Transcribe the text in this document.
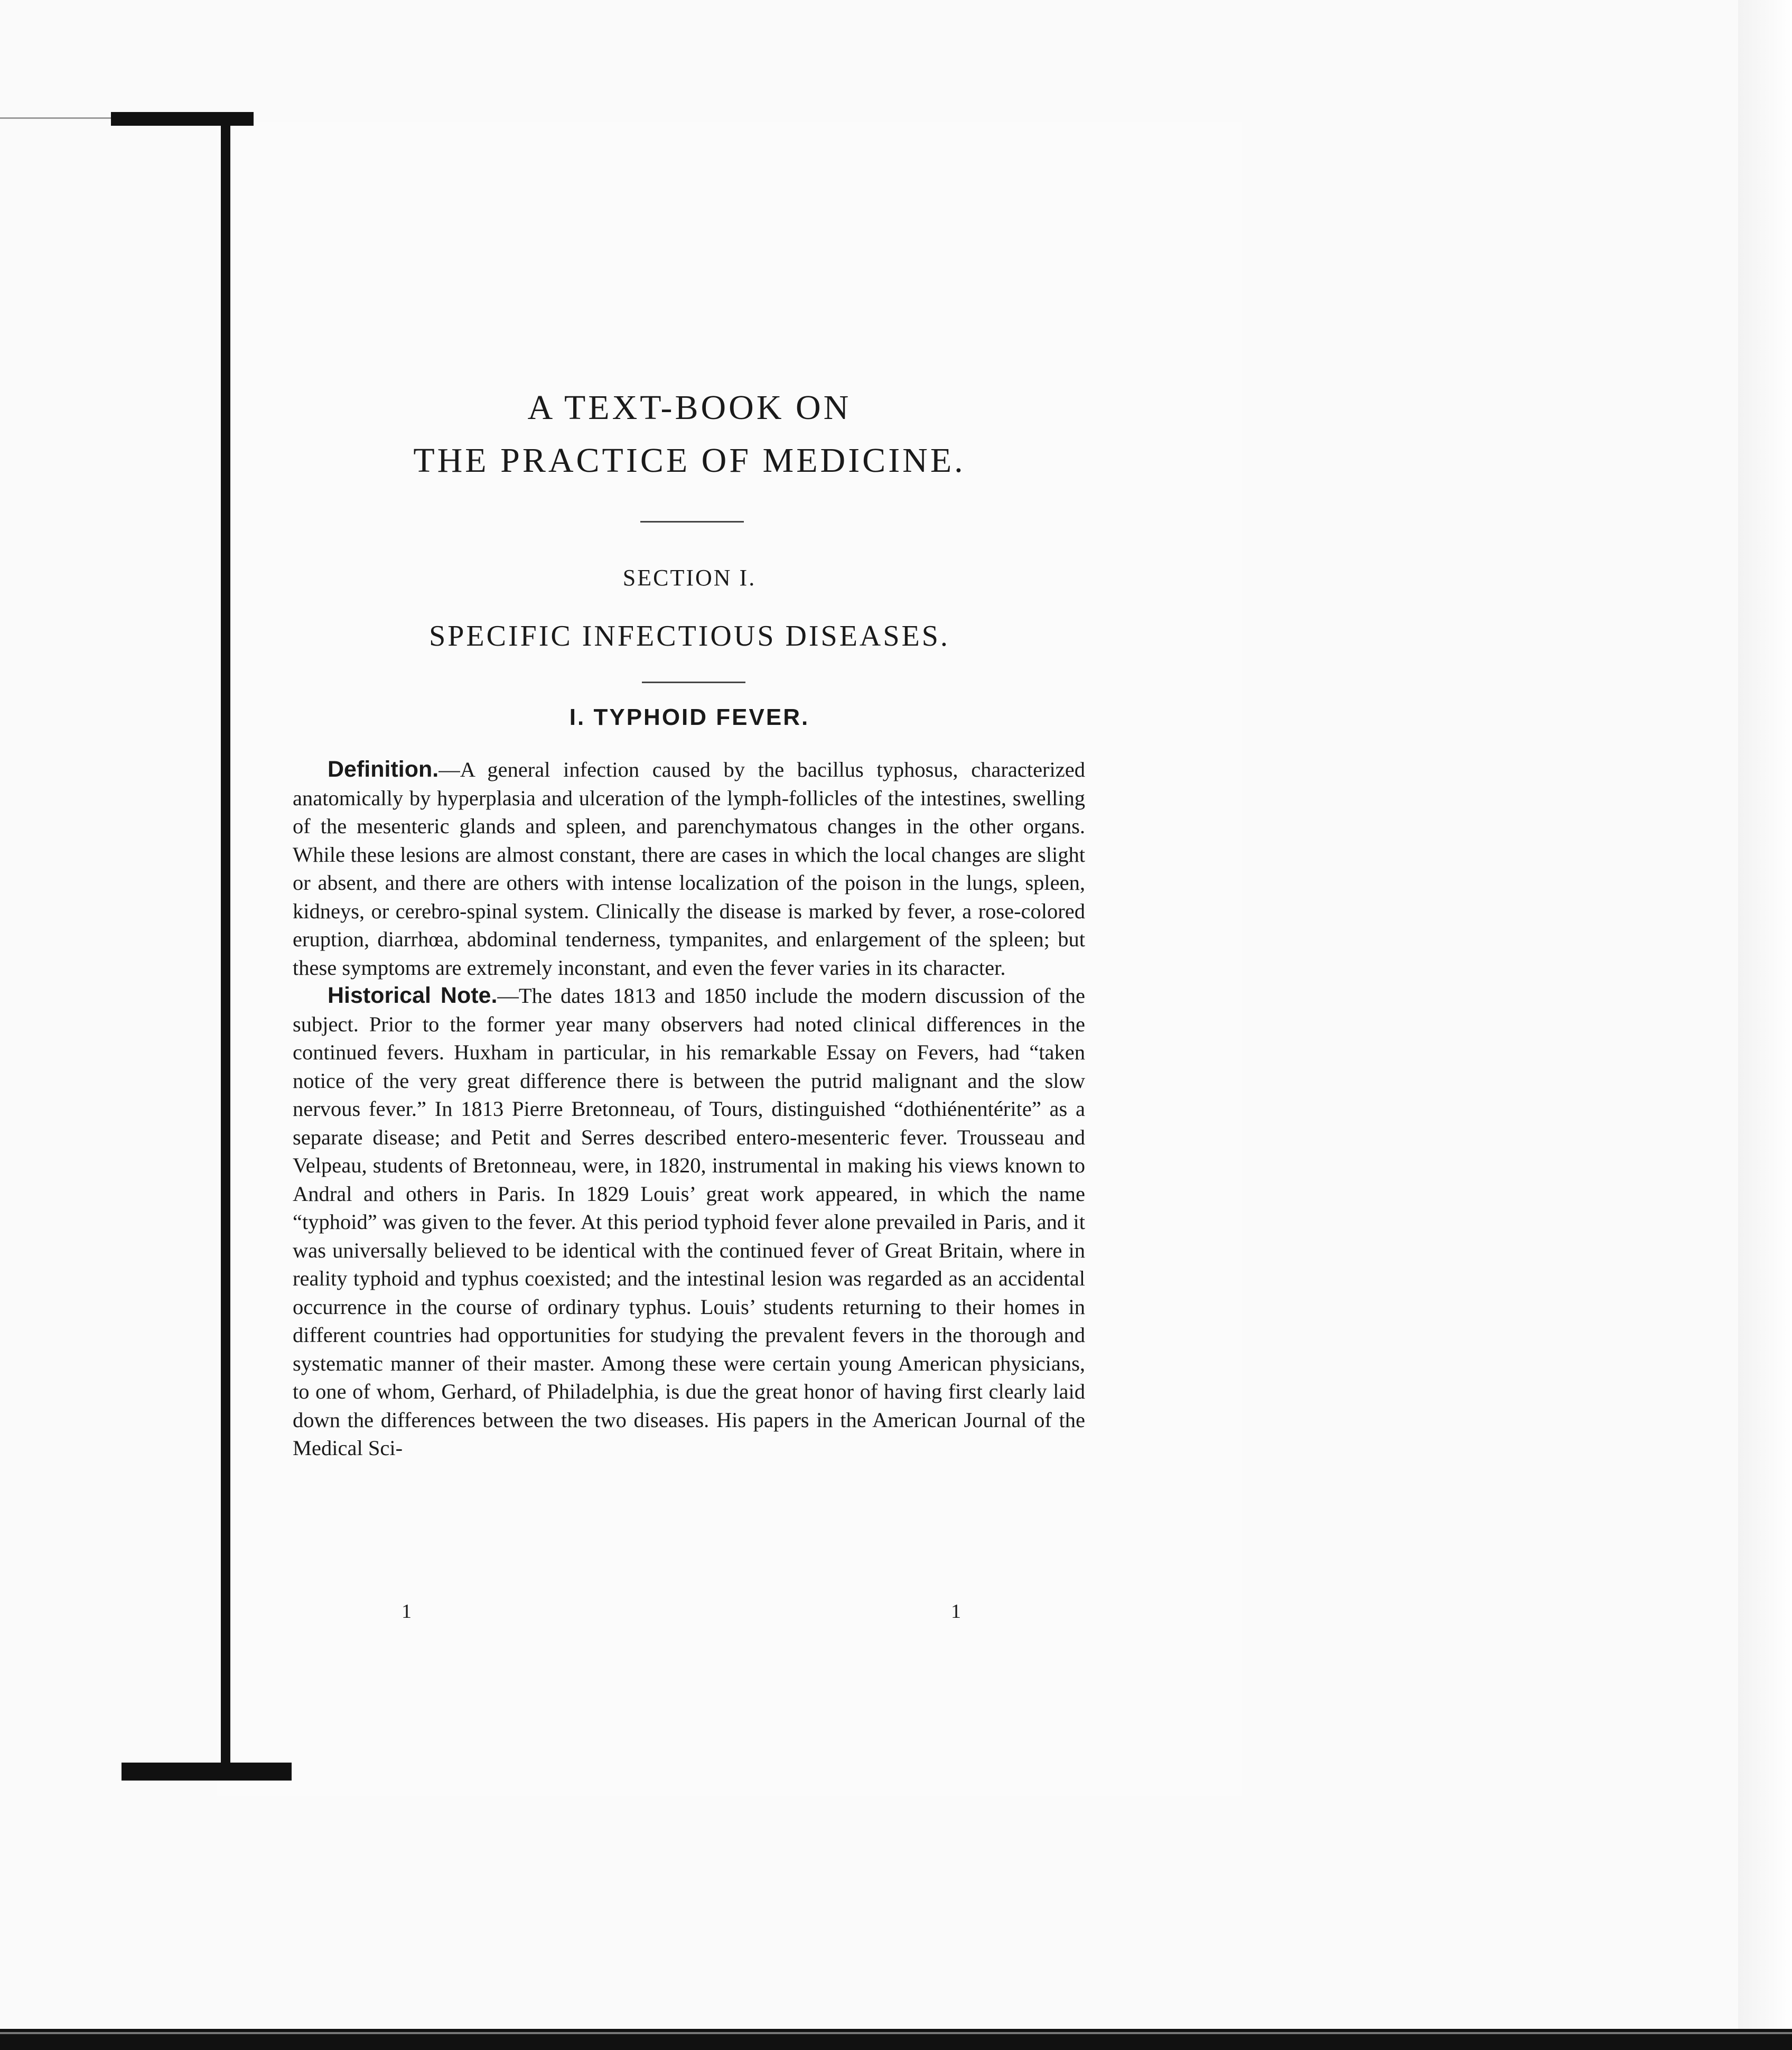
A TEXT-BOOK ON
THE PRACTICE OF MEDICINE.
SECTION I.
SPECIFIC INFECTIOUS DISEASES.
I. TYPHOID FEVER.

Definition.—A general infection caused by the bacillus typhosus, characterized anatomically by hyperplasia and ulceration of the lymph-follicles of the intestines, swelling of the mesenteric glands and spleen, and parenchymatous changes in the other organs. While these lesions are almost constant, there are cases in which the local changes are slight or absent, and there are others with intense localization of the poison in the lungs, spleen, kidneys, or cerebro-spinal system. Clinically the disease is marked by fever, a rose-colored eruption, diarrhœa, abdominal tenderness, tympanites, and enlargement of the spleen; but these symptoms are extremely inconstant, and even the fever varies in its character.

Historical Note.—The dates 1813 and 1850 include the modern discussion of the subject. Prior to the former year many observers had noted clinical differences in the continued fevers. Huxham in particular, in his remarkable Essay on Fevers, had “taken notice of the very great difference there is between the putrid malignant and the slow nervous fever.” In 1813 Pierre Bretonneau, of Tours, distinguished “dothiénentérite” as a separate disease; and Petit and Serres described entero-mesenteric fever. Trousseau and Velpeau, students of Bretonneau, were, in 1820, instrumental in making his views known to Andral and others in Paris. In 1829 Louis’ great work appeared, in which the name “typhoid” was given to the fever. At this period typhoid fever alone prevailed in Paris, and it was universally believed to be identical with the continued fever of Great Britain, where in reality typhoid and typhus coexisted; and the intestinal lesion was regarded as an accidental occurrence in the course of ordinary typhus. Louis’ students returning to their homes in different countries had opportunities for studying the prevalent fevers in the thorough and systematic manner of their master. Among these were certain young American physicians, to one of whom, Gerhard, of Philadelphia, is due the great honor of having first clearly laid down the differences between the two diseases. His papers in the American Journal of the Medical Sci-

1	1
